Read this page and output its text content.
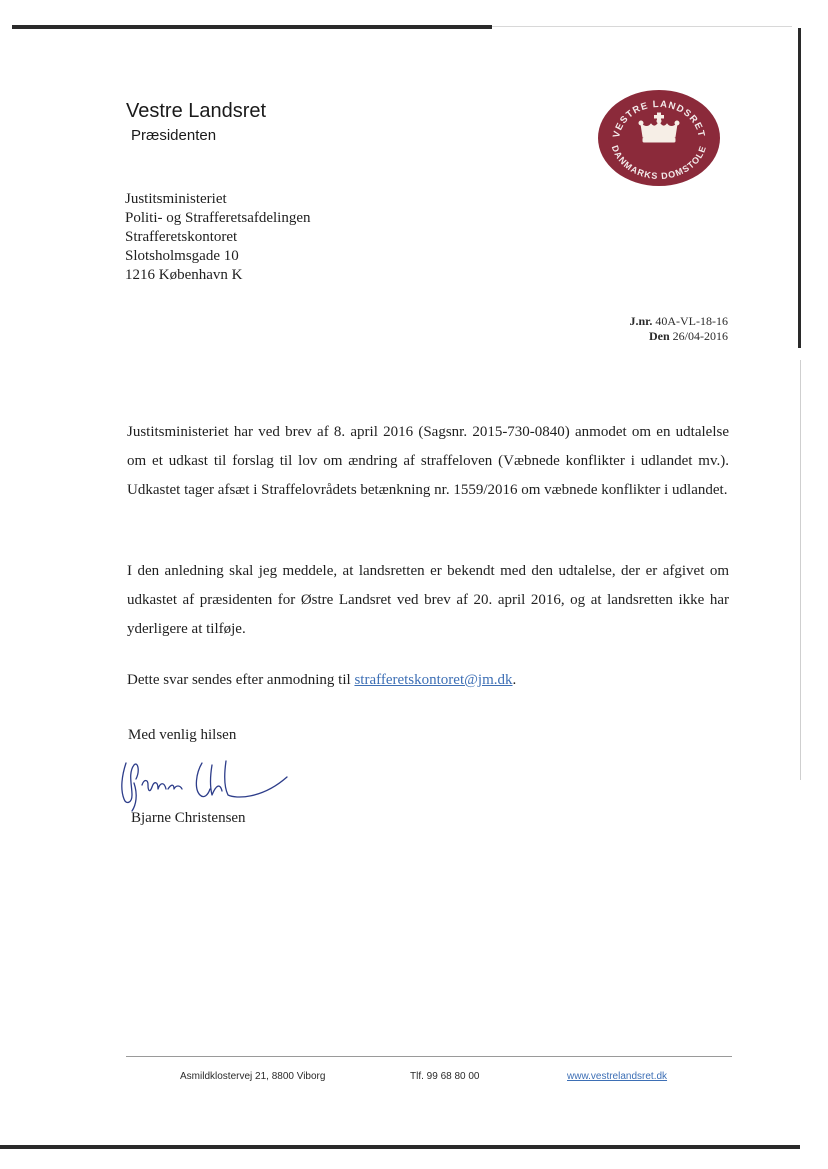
Vestre Landsret
Præsidenten	VESTRE LANDSRET
DANMARKS DOMSTOLE
Justitsministeriet
Politi- og Strafferetsafdelingen
Strafferetskontoret
Slotsholmsgade 10
1216 København K
J.nr. 40A-VL-18-16
Den 26/04-2016
Justitsministeriet har ved brev af 8. april 2016 (Sagsnr. 2015-730-0840) anmodet om en udtalelse om et udkast til forslag til lov om ændring af straffeloven (Væbnede konflikter i udlandet mv.). Udkastet tager afsæt i Straffelovrådets betænkning nr. 1559/2016 om væbnede konflikter i udlandet.
I den anledning skal jeg meddele, at landsretten er bekendt med den udtalelse, der er afgivet om udkastet af præsidenten for Østre Landsret ved brev af 20. april 2016, og at landsretten ikke har yderligere at tilføje.
Dette svar sendes efter anmodning til strafferetskontoret@jm.dk.
Med venlig hilsen
Bjarne Christensen
Asmildklostervej 21, 8800 Viborg	Tlf. 99 68 80 00	www.vestrelandsret.dk
